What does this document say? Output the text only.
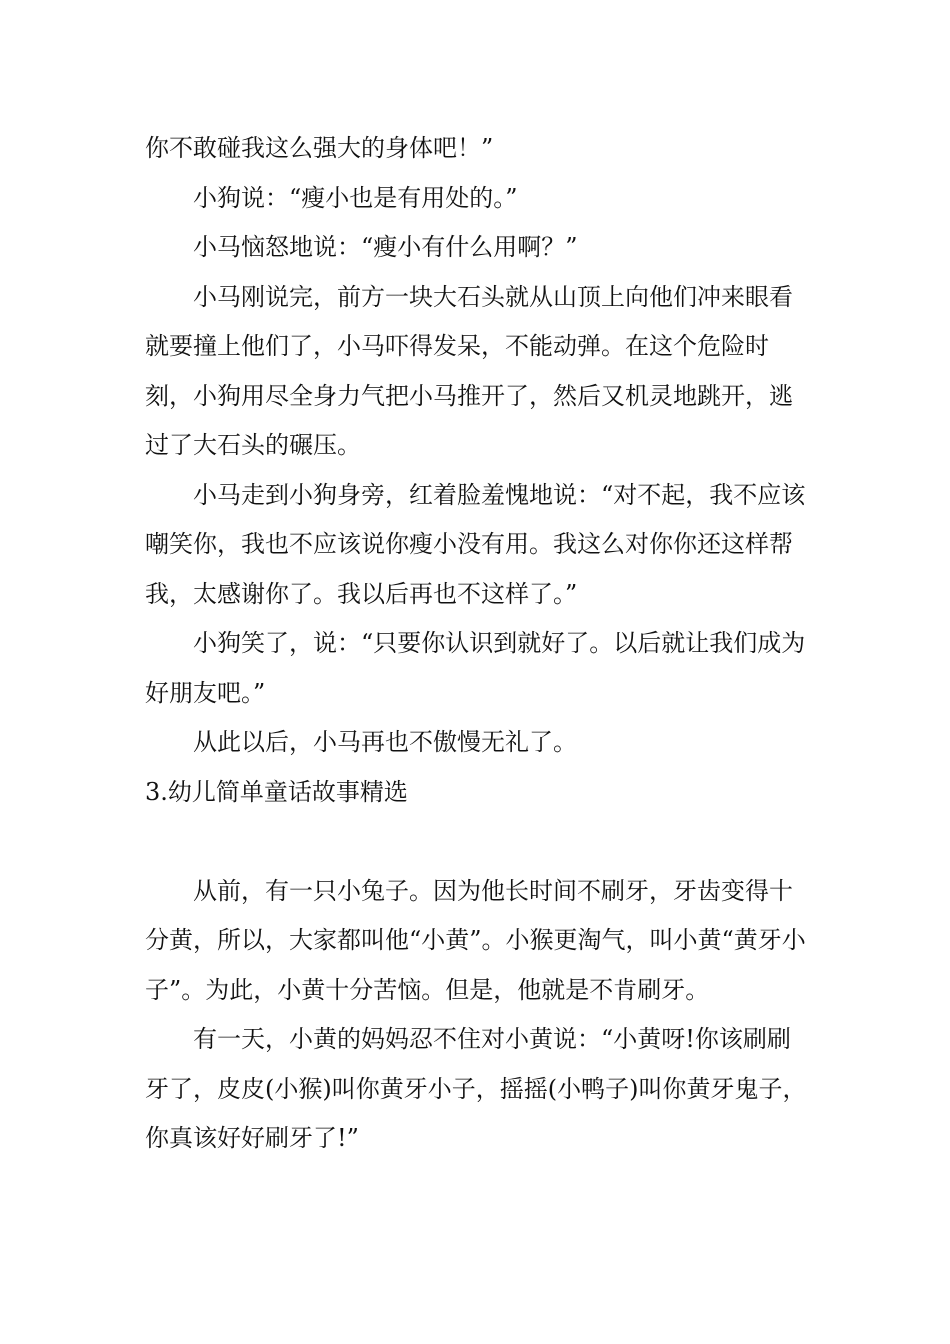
你不敢碰我这么强大的身体吧！”

小狗说：“瘦小也是有用处的。”

小马恼怒地说：“瘦小有什么用啊？”

小马刚说完，前方一块大石头就从山顶上向他们冲来眼看就要撞上他们了，小马吓得发呆，不能动弹。在这个危险时刻，小狗用尽全身力气把小马推开了，然后又机灵地跳开，逃过了大石头的碾压。

小马走到小狗身旁，红着脸羞愧地说：“对不起，我不应该嘲笑你，我也不应该说你瘦小没有用。我这么对你你还这样帮我，太感谢你了。我以后再也不这样了。”

小狗笑了，说：“只要你认识到就好了。以后就让我们成为好朋友吧。”

从此以后，小马再也不傲慢无礼了。

3.幼儿简单童话故事精选

从前，有一只小兔子。因为他长时间不刷牙，牙齿变得十分黄，所以，大家都叫他“小黄”。小猴更淘气，叫小黄“黄牙小子”。为此，小黄十分苦恼。但是，他就是不肯刷牙。

有一天，小黄的妈妈忍不住对小黄说：“小黄呀!你该刷刷牙了，皮皮(小猴)叫你黄牙小子，摇摇(小鸭子)叫你黄牙鬼子，你真该好好刷牙了!”
